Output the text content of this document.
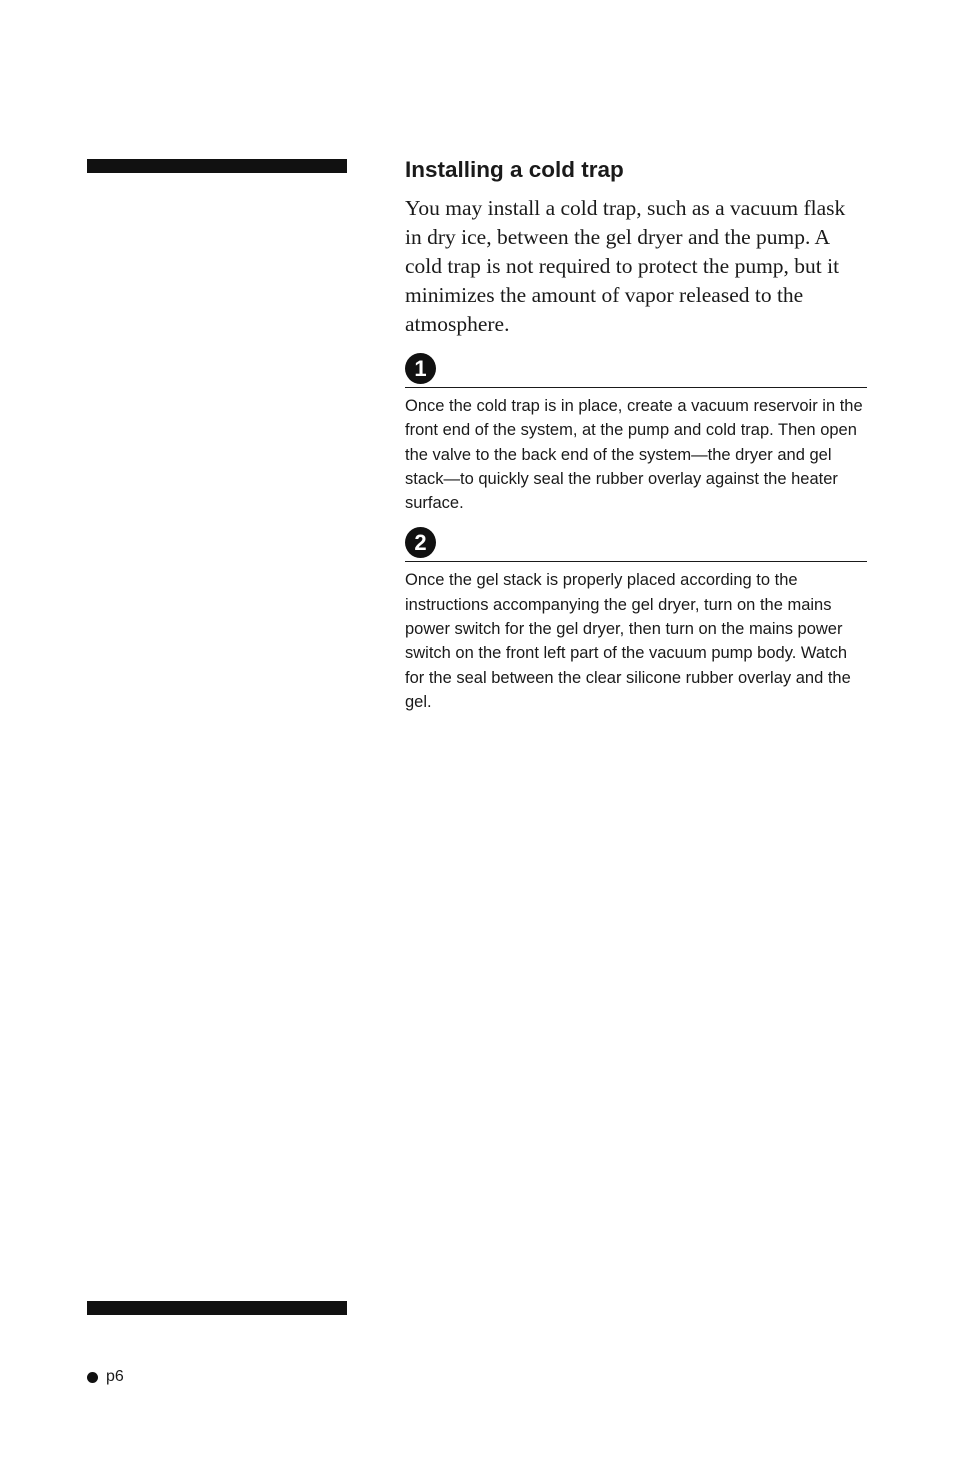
Installing a cold trap

You may install a cold trap, such as a vacuum flask in dry ice, between the gel dryer and the pump. A cold trap is not required to protect the pump, but it minimizes the amount of vapor released to the atmosphere.

1

Once the cold trap is in place, create a vacuum reservoir in the front end of the system, at the pump and cold trap. Then open the valve to the back end of the system—the dryer and gel stack—to quickly seal the rubber overlay against the heater surface.

2

Once the gel stack is properly placed according to the instructions accompanying the gel dryer, turn on the mains power switch for the gel dryer, then turn on the mains power switch on the front left part of the vacuum pump body. Watch for the seal between the clear silicone rubber overlay and the gel.

p6
